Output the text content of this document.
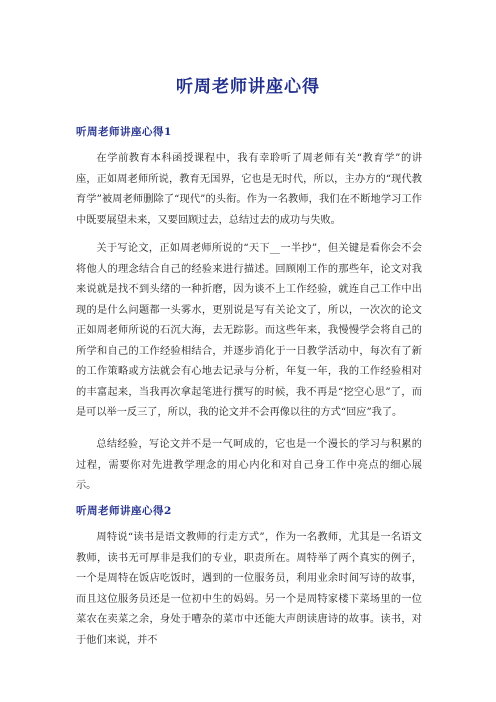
听周老师讲座心得
听周老师讲座心得1

在学前教育本科函授课程中，我有幸聆听了周老师有关“教育学”的讲座，正如周老师所说，教育无国界，它也是无时代，所以，主办方的“现代教育学”被周老师删除了“现代”的头衔。作为一名教师，我们在不断地学习工作中既要展望未来，又要回顾过去，总结过去的成功与失败。

关于写论文，正如周老师所说的“天下__一半抄”，但关键是看你会不会将他人的理念结合自己的经验来进行描述。回顾刚工作的那些年，论文对我来说就是找不到头绪的一种折磨，因为谈不上工作经验，就连自己工作中出现的是什么问题都一头雾水，更别说是写有关论文了，所以，一次次的论文正如周老师所说的石沉大海，去无踪影。而这些年来，我慢慢学会将自己的所学和自己的工作经验相结合，并逐步消化于一日教学活动中，每次有了新的工作策略或方法就会有心地去记录与分析，年复一年，我的工作经验相对的丰富起来，当我再次拿起笔进行撰写的时候，我不再是“挖空心思”了，而是可以举一反三了，所以，我的论文并不会再像以往的方式“回应”我了。

总结经验，写论文并不是一气呵成的，它也是一个漫长的学习与积累的过程，需要你对先进教学理念的用心内化和对自己身工作中亮点的细心展示。

听周老师讲座心得2

周特说“读书是语文教师的行走方式”，作为一名教师，尤其是一名语文教师，读书无可厚非是我们的专业，职责所在。周特举了两个真实的例子，一个是周特在饭店吃饭时，遇到的一位服务员，利用业余时间写诗的故事，而且这位服务员还是一位初中生的妈妈。另一个是周特家楼下菜场里的一位菜农在卖菜之余，身处于嘈杂的菜市中还能大声朗读唐诗的故事。读书，对于他们来说，并不
